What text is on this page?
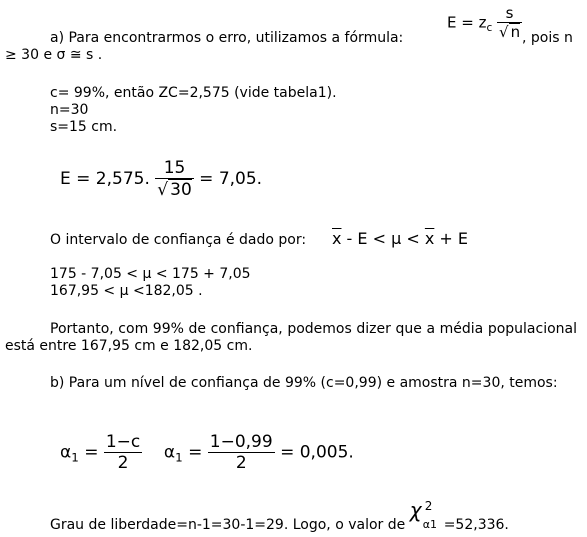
a) Para encontrarmos o erro, utilizamos a fórmula:
$E = z_c \frac{s}{√ n}$ , pois n
≥ 30 e σ ≅ s .
c= 99%, então ZC=2,575 (vide tabela1).
n=30
s=15 cm.
E = 2,575. $\frac{15}{√ 30} = 7,05$.
O intervalo de confiança é dado por: $\overline{x} - E < \mu < \overline{x} + E$
175 - 7,05 < μ < 175 + 7,05
167,95 < μ <182,05 .
Portanto, com 99% de confiança, podemos dizer que a média populacional está entre 167,95 cm e 182,05 cm.
b) Para um nível de confiança de 99% (c=0,99) e amostra n=30, temos:
$\alpha_1 = \frac{1-c}{2} \alpha_1 = \frac{1-0,99}{2} = 0,005$.
Grau de liberdade=n-1=30-1=29. Logo, o valor de
χ 2
α1 =52,336.
